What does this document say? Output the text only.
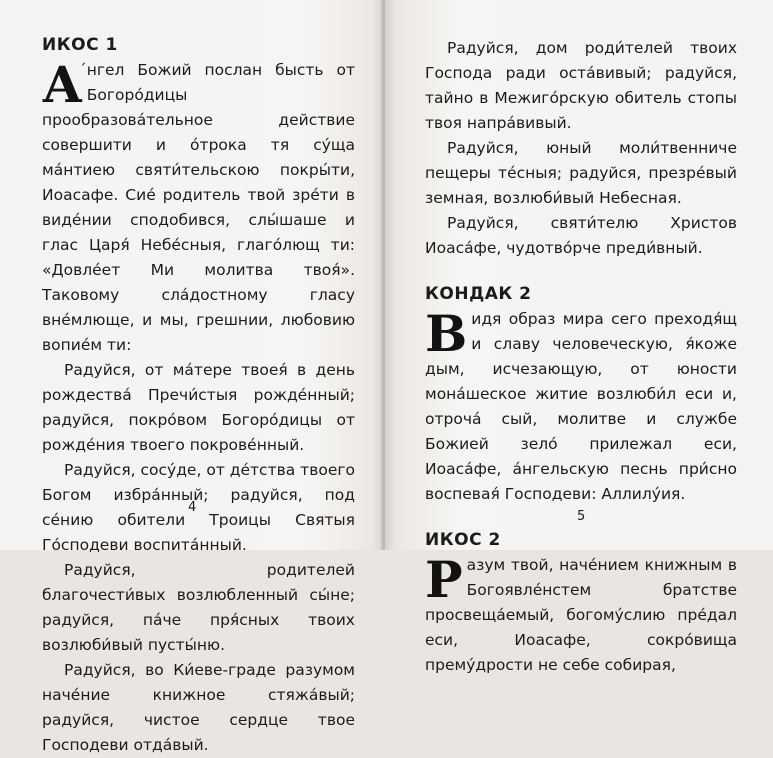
ИКОС 1

А ́нгел Божий послан бысть от Богоро́дицы прообразова́тельное действие совершити и о́трока тя су́ща ма́нтиею святи́тельскою покры́ти, Иоасафе. Сие́ родитель твой зре́ти в виде́нии сподобився, слы́шаше и глас Царя́ Небе́сныя, глаго́лющ ти: «Довле́ет Ми молитва твоя́». Таковому сла́достному гласу вне́млюще, и мы, грешнии, любовию вопие́м ти:

Радуйся, от ма́тере твоея́ в день рождества́ Пречи́стыя рожде́нный; радуйся, покро́вом Богоро́дицы от рожде́ния твоего покрове́нный.

Радуйся, сосу́де, от де́тства твоего Богом избра́нный; радуйся, под се́нию обители Троицы Святыя Го́сподеви воспита́нный.

Радуйся, родителей благочести́вых возлюбленный сы́не; радуйся, па́че пря́сных твоих возлюби́вый пусты́ню.

Радуйся, во Ки́еве-граде разумом наче́ние книжное стяжа́вый; радуйся, чистое сердце твое Господеви отда́вый.

4

Радуйся, дом роди́телей твоих Господа ради оста́вивый; радуйся, тайно в Межиго́рскую обитель стопы твоя напра́вивый.

Радуйся, юный моли́твенниче пещеры те́сныя; радуйся, презре́вый земная, возлюби́вый Небесная.

Радуйся, святи́телю Христов Иоаса́фе, чудотво́рче преди́вный.

КОНДАК 2

Видя образ мира сего преходя́щ и славу человеческую, я́коже дым, исчезающую, от юности мона́шеское житие возлюби́л еси и, отроча́ сый, молитве и службе Божией зело́ прилежал еси, Иоаса́фе, а́нгельскую песнь при́сно воспевая́ Господеви: Аллилу́ия.

ИКОС 2

Разум твой, наче́нием книжным в Богоявле́нстем братстве просвеща́емый, богому́слию пре́дал еси, Иоасафе, сокро́вища прему́дрости не себе собирая,

5
